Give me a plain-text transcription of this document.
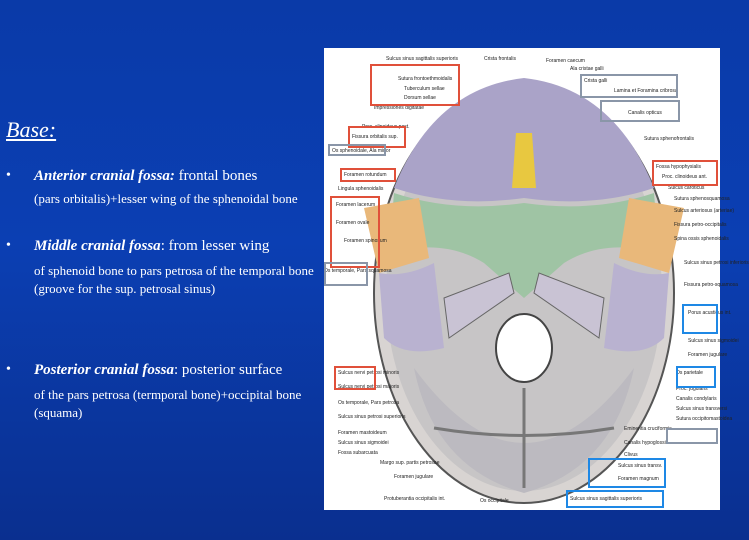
Base:
• Anterior cranial fossa: frontal bones
(pars orbitalis)+lesser wing of the sphenoidal bone
• Middle cranial fossa: from lesser wing
of sphenoid bone to pars petrosa of the temporal bone (groove for the sup. petrosal sinus)
• Posterior cranial fossa: posterior surface
of the pars petrosa (termporal bone)+occipital bone (squama)
Sulcus sinus sagittalis superioris	Crista frontalis	Foramen caecum
Ala cristae galli
Crista galli
Sutura frontoethmoidalis
Tuberculum sellae
Dorsum sellae
Lamina et Foramina cribrosa
Impressiones digitatae
Canalis opticus
Proc. clinoideus post.
Fissura orbitalis sup.	Sutura sphenofrontalis
Os sphenoidale, Ala minor
Fossa hypophysialis
Proc. clinoideus ant.
Sulcus caroticus
Foramen rotundum
Lingula sphenoidalis
Sutura sphenosquamosa
Sulcus arteriosus (arteriae)
Fissura petro-occipitalis
Spina ossis sphenoidalis
Foramen lacerum
Foramen ovale
Foramen spinosum
Os temporale, Pars squamosa
Sulcus sinus petrosi inferioris
Fissura petro-squamosa
Porus acusticus int.
Sulcus sinus sigmoidei
Foramen jugulare
Os parietale
Sulcus nervi petrosi minoris
Sulcus nervi petrosi majoris
Os temporale, Pars petrosa
Proc. jugularis
Canalis condylaris
Sulcus sinus transversi
Sutura occipitomastoidea
Sulcus sinus petrosi superioris
Foramen mastoideum
Sulcus sinus sigmoidei
Fossa subarcuata
Eminentia cruciformis
Canalis hypoglossi
Clivus
Sulcus sinus transv.
Foramen magnum
Margo sup. partis petrosae
Foramen jugulare
Sulcus sinus sagittalis superioris
Protuberantia occipitalis int.	Os occipitale
